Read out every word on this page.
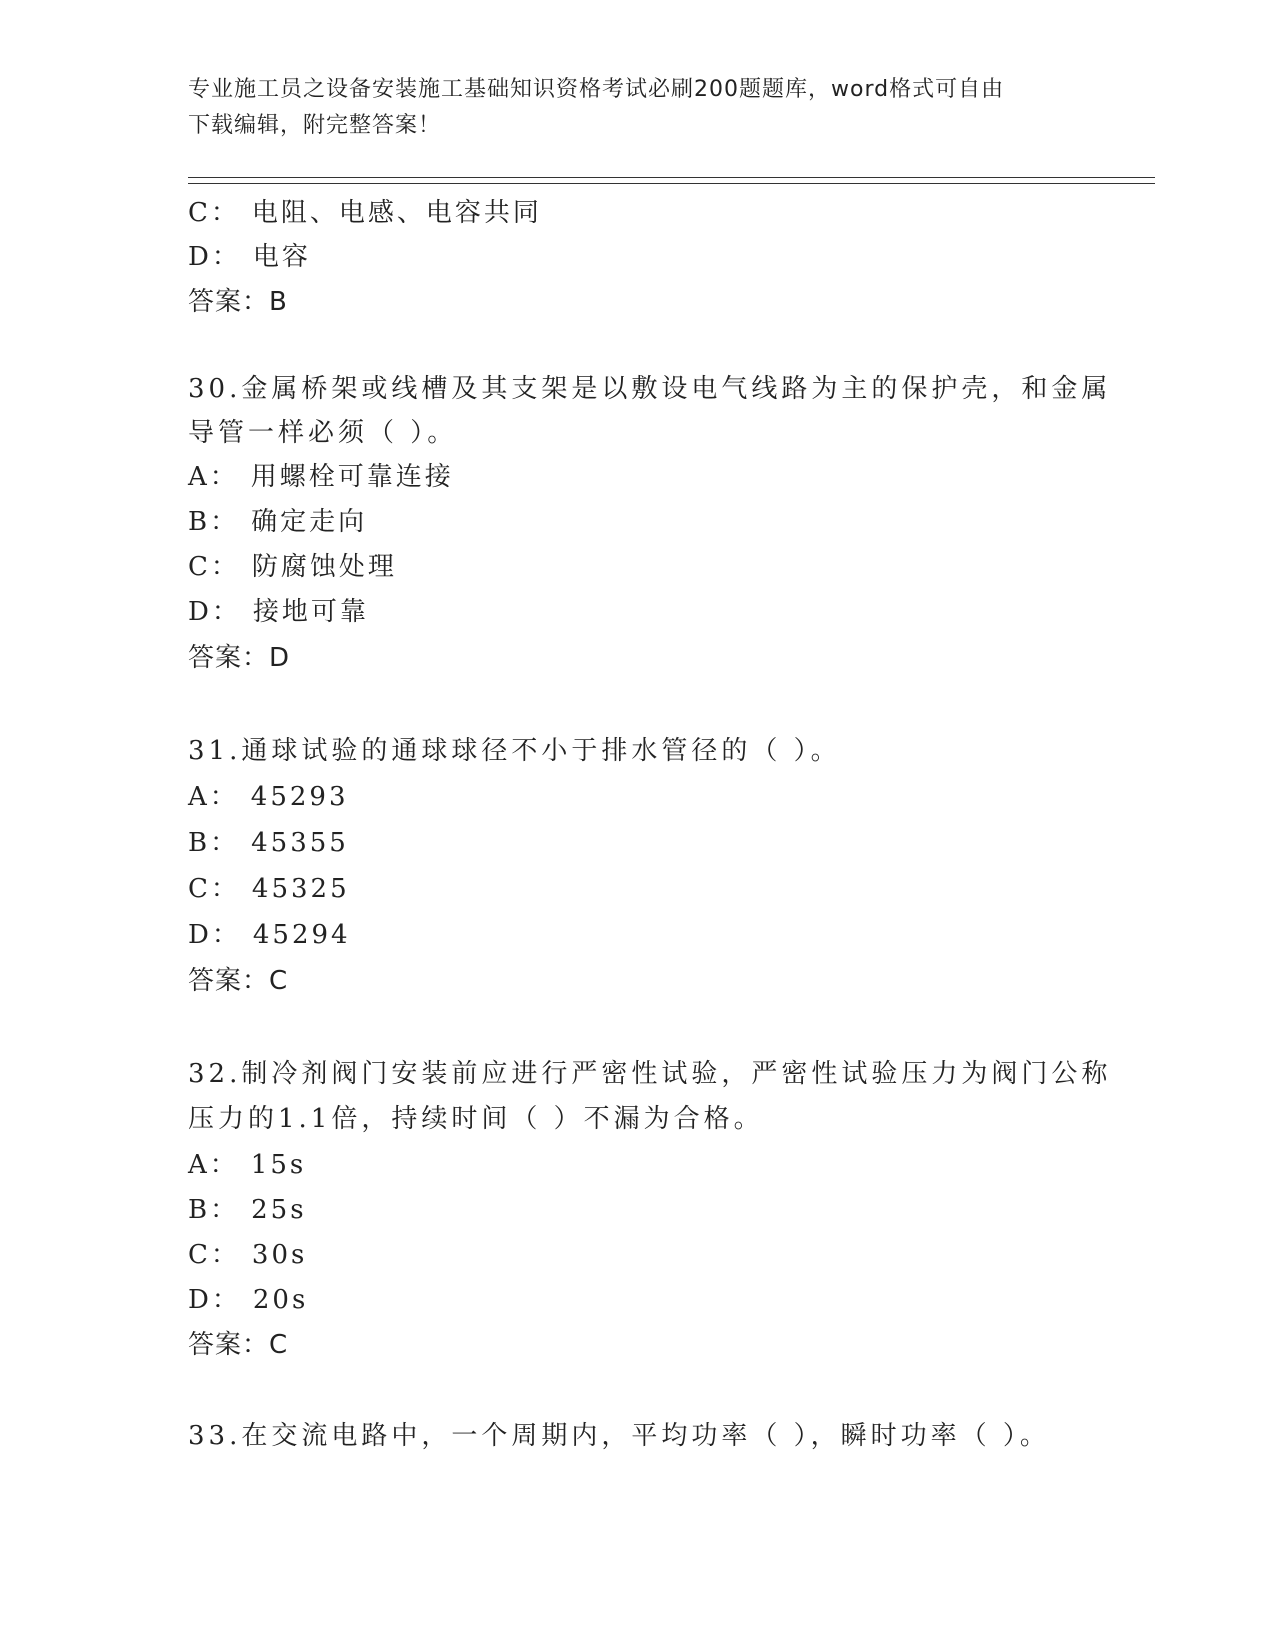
专业施工员之设备安装施工基础知识资格考试必刷200题题库，word格式可自由
下载编辑，附完整答案！
C： 电阻、电感、电容共同
D： 电容
答案：B
30.金属桥架或线槽及其支架是以敷设电气线路为主的保护壳，和金属
导管一样必须（ ）。
A： 用螺栓可靠连接
B： 确定走向
C： 防腐蚀处理
D： 接地可靠
答案：D
31.通球试验的通球球径不小于排水管径的（ ）。
A： 45293
B： 45355
C： 45325
D： 45294
答案：C
32.制冷剂阀门安装前应进行严密性试验，严密性试验压力为阀门公称
压力的1.1倍，持续时间（ ）不漏为合格。
A： 15s
B： 25s
C： 30s
D： 20s
答案：C
33.在交流电路中，一个周期内，平均功率（ ），瞬时功率（ ）。
